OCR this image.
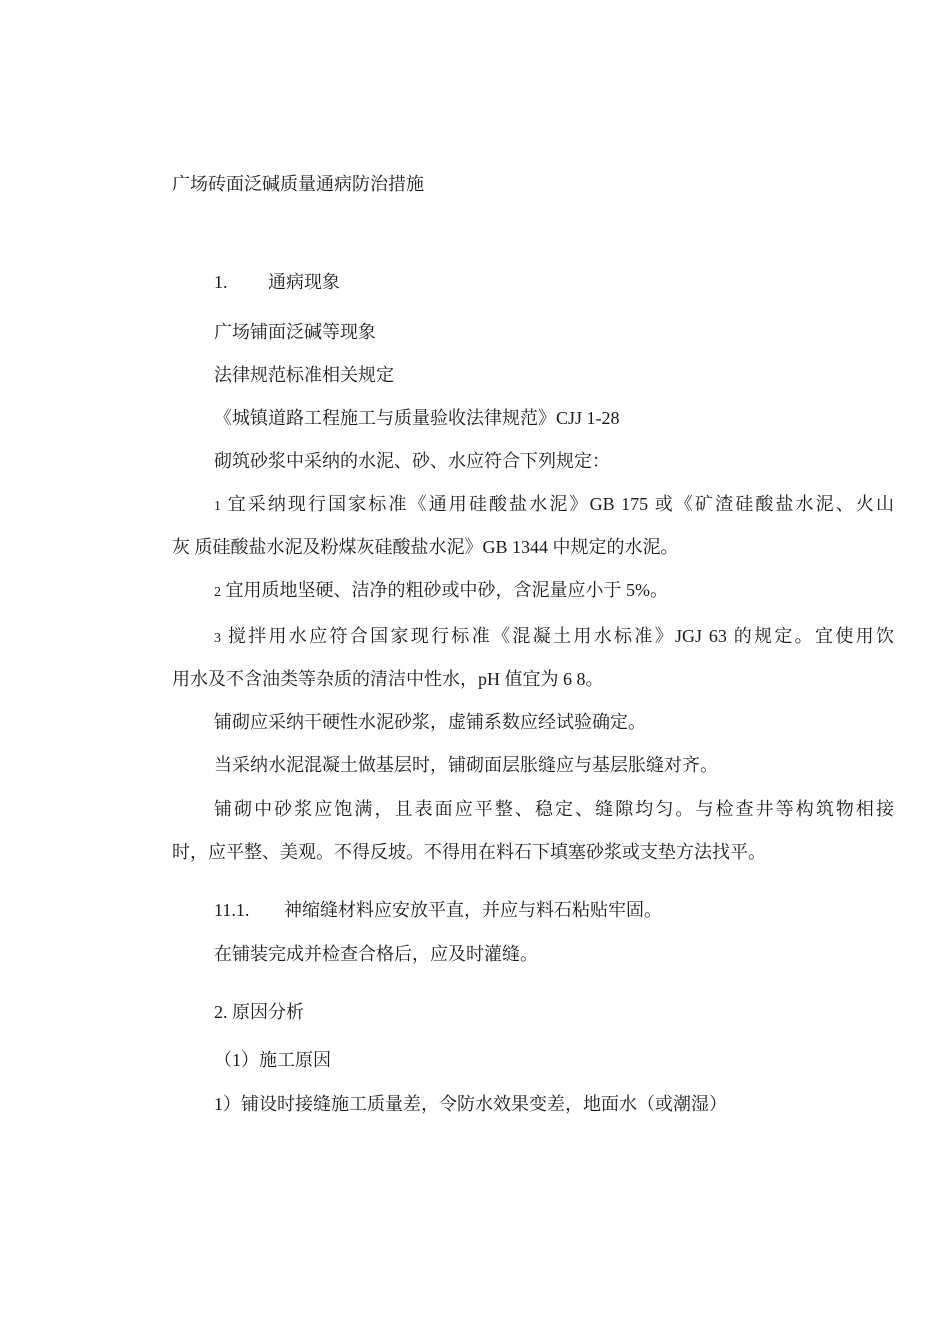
广场砖面泛碱质量通病防治措施
1. 通病现象
广场铺面泛碱等现象
法律规范标准相关规定
《城镇道路工程施工与质量验收法律规范》CJJ 1-28
砌筑砂浆中采纳的水泥、砂、水应符合下列规定：
1 宜采纳现行国家标准《通用硅酸盐水泥》GB 175 或《矿渣硅酸盐水泥、火山
灰 质硅酸盐水泥及粉煤灰硅酸盐水泥》GB 1344 中规定的水泥。
2 宜用质地坚硬、洁净的粗砂或中砂，含泥量应小于 5%。
3 搅拌用水应符合国家现行标准《混凝土用水标准》JGJ 63 的规定。宜使用饮
用水及不含油类等杂质的清洁中性水，pH 值宜为 6 8。
铺砌应采纳干硬性水泥砂浆，虚铺系数应经试验确定。
当采纳水泥混凝土做基层时，铺砌面层胀缝应与基层胀缝对齐。
铺砌中砂浆应饱满，且表面应平整、稳定、缝隙均匀。与检查井等构筑物相接
时，应平整、美观。不得反坡。不得用在料石下填塞砂浆或支垫方法找平。
11.1. 神缩缝材料应安放平直，并应与料石粘贴牢固。
在铺装完成并检查合格后，应及时灌缝。
2. 原因分析
（1）施工原因
1）铺设时接缝施工质量差，令防水效果变差，地面水（或潮湿）
